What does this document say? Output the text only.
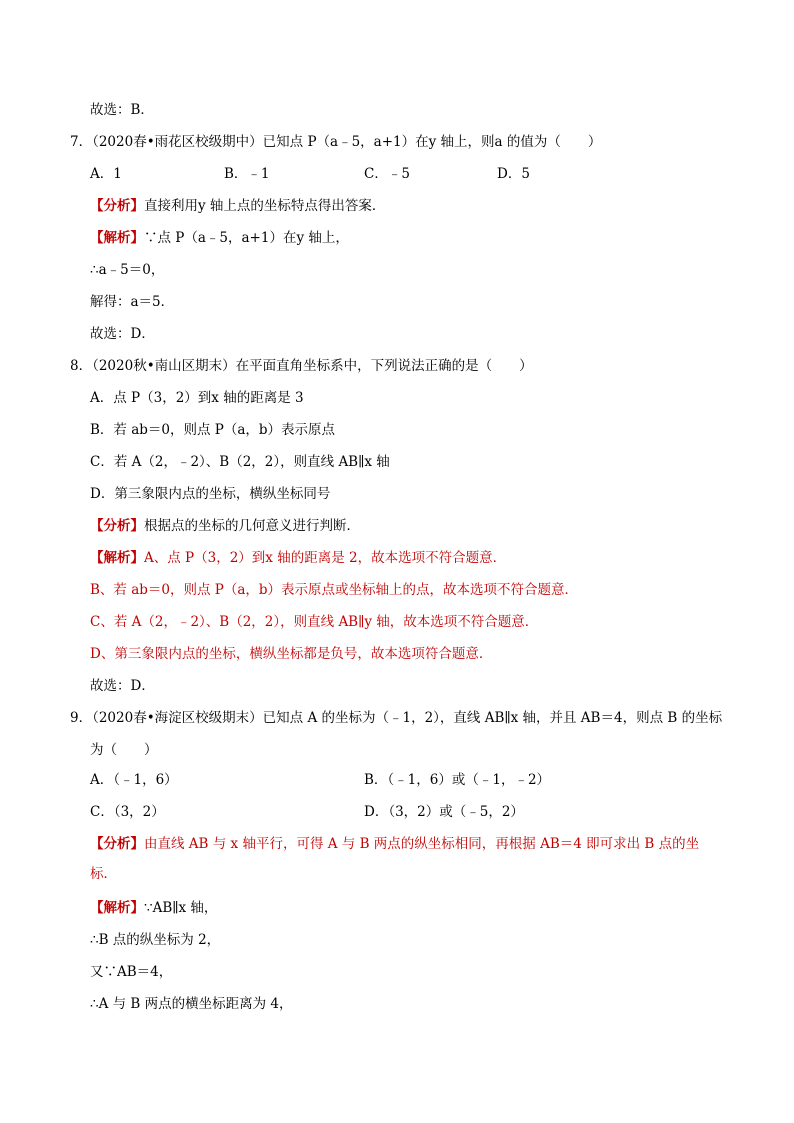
故选：B．
7．（2020春•雨花区校级期中）已知点 P（a﹣5，a+1）在y 轴上，则a 的值为（　　）
A．1	B．﹣1	C．﹣5	D．5
【分析】直接利用y 轴上点的坐标特点得出答案．
【解析】∵点 P（a﹣5，a+1）在y 轴上，
∴a﹣5＝0，
解得：a＝5．
故选：D．
8．（2020秋•南山区期末）在平面直角坐标系中，下列说法正确的是（　　）
A．点 P（3，2）到x 轴的距离是 3
B．若 ab＝0，则点 P（a，b）表示原点
C．若 A（2，﹣2）、B（2，2），则直线 AB∥x 轴
D．第三象限内点的坐标，横纵坐标同号
【分析】根据点的坐标的几何意义进行判断．
【解析】A、点 P（3，2）到x 轴的距离是 2，故本选项不符合题意．
B、若 ab＝0，则点 P（a，b）表示原点或坐标轴上的点，故本选项不符合题意．
C、若 A（2，﹣2）、B（2，2），则直线 AB∥y 轴，故本选项不符合题意．
D、第三象限内点的坐标，横纵坐标都是负号，故本选项符合题意．
故选：D．
9．（2020春•海淀区校级期末）已知点 A 的坐标为（﹣1，2），直线 AB∥x 轴，并且 AB＝4，则点 B 的坐标
为（　　）
A．（﹣1，6）	B．（﹣1，6）或（﹣1，﹣2）
C．（3，2）	D．（3，2）或（﹣5，2）
【分析】由直线 AB 与 x 轴平行，可得 A 与 B 两点的纵坐标相同，再根据 AB＝4 即可求出 B 点的坐
标．
【解析】∵AB∥x 轴，
∴B 点的纵坐标为 2，
又∵AB＝4，
∴A 与 B 两点的横坐标距离为 4，
